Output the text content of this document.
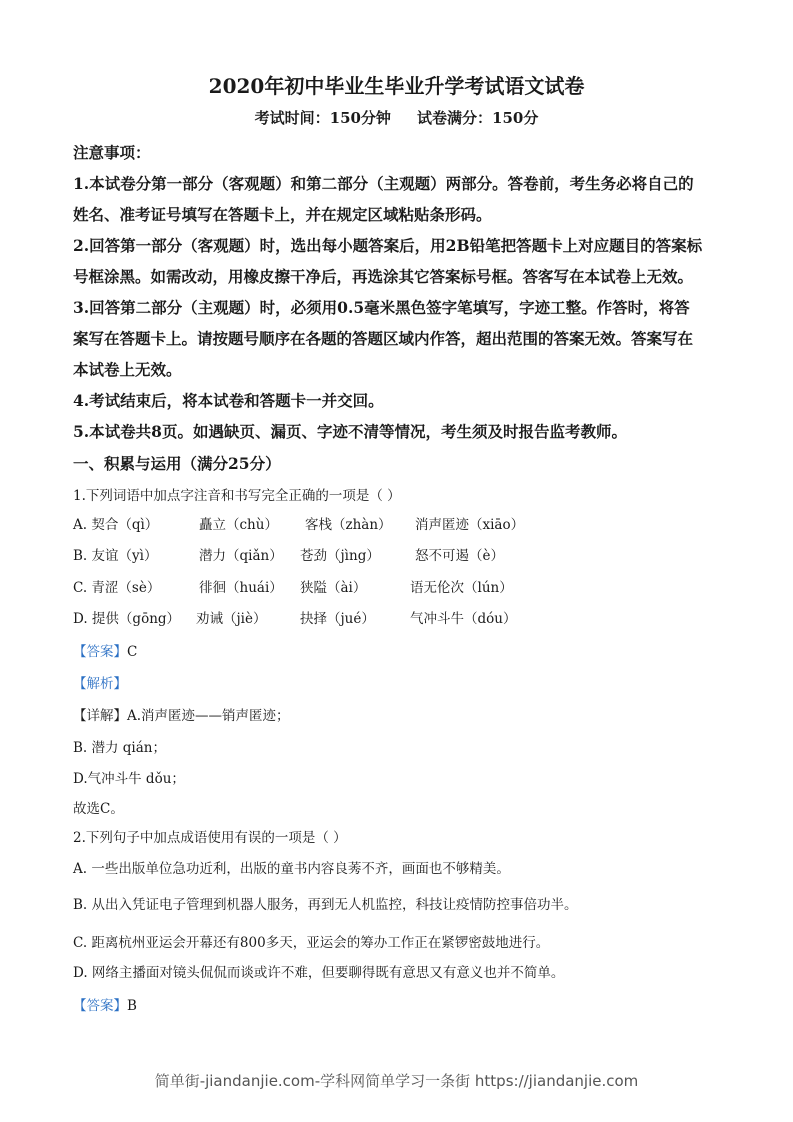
2020年初中毕业生毕业升学考试语文试卷
考试时间：150分钟     试卷满分：150分
注意事项：
1.本试卷分第一部分（客观题）和第二部分（主观题）两部分。答卷前，考生务必将自己的
姓名、准考证号填写在答题卡上，并在规定区域粘贴条形码。
2.回答第一部分（客观题）时，选出每小题答案后，用2B铅笔把答题卡上对应题目的答案标
号框涂黑。如需改动，用橡皮擦干净后，再选涂其它答案标号框。答客写在本试卷上无效。
3.回答第二部分（主观题）时，必须用0.5毫米黑色签字笔填写，字迹工整。作答时，将答
案写在答题卡上。请按题号顺序在各题的答题区域内作答，超出范围的答案无效。答案写在
本试卷上无效。
4.考试结束后，将本试卷和答题卡一并交回。
5.本试卷共8页。如遇缺页、漏页、字迹不清等情况，考生须及时报告监考教师。
一、积累与运用（满分25分）
1.下列词语中加点字注音和书写完全正确的一项是（ ）
A. 契合（qì）	矗立（chù） 客栈（zhàn） 消声匿迹（xiāo）
B. 友谊（yì）	潜力（qiǎn） 苍劲（jìng）	怒不可遏（è）
C. 青涩（sè）	徘徊（huái） 狭隘（ài）	语无伦次（lún）
D. 提供（gōng） 劝诫（jiè） 抉择（jué）	气冲斗牛（dóu）
【答案】C
【解析】
【详解】A.消声匿迹——销声匿迹；
B. 潜力 qián；
D.气冲斗牛 dǒu；
故选C。
2.下列句子中加点成语使用有误的一项是（ ）
A. 一些出版单位急功近利，出版的童书内容良莠不齐，画面也不够精美。
B. 从出入凭证电子管理到机器人服务，再到无人机监控，科技让疫情防控事倍功半。
C. 距离杭州亚运会开幕还有800多天，亚运会的筹办工作正在紧锣密鼓地进行。
D. 网络主播面对镜头侃侃而谈或许不难，但要聊得既有意思又有意义也并不简单。
【答案】B
简单街-jiandanjie.com-学科网简单学习一条街 https://jiandanjie.com
